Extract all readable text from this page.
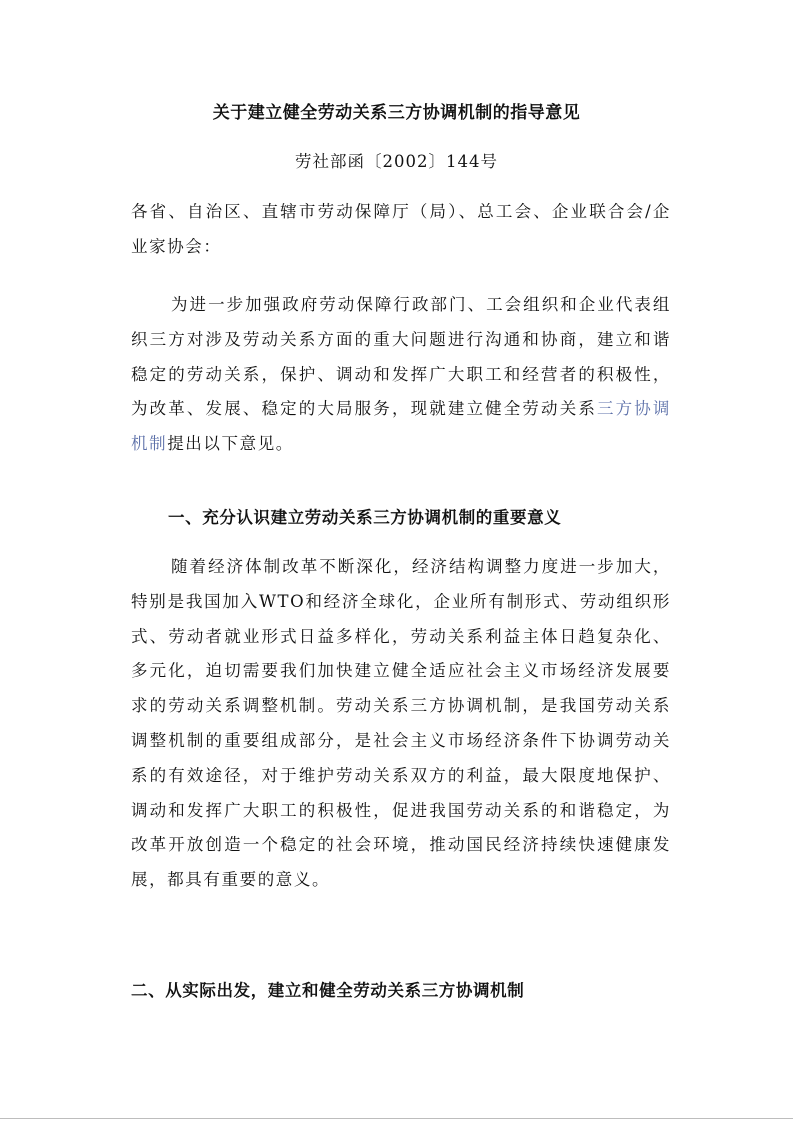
关于建立健全劳动关系三方协调机制的指导意见
劳社部函〔2002〕144号
各省、自治区、直辖市劳动保障厅（局）、总工会、企业联合会/企业家协会：
为进一步加强政府劳动保障行政部门、工会组织和企业代表组织三方对涉及劳动关系方面的重大问题进行沟通和协商，建立和谐稳定的劳动关系，保护、调动和发挥广大职工和经营者的积极性，为改革、发展、稳定的大局服务，现就建立健全劳动关系三方协调机制提出以下意见。
一、充分认识建立劳动关系三方协调机制的重要意义
随着经济体制改革不断深化，经济结构调整力度进一步加大，特别是我国加入WTO和经济全球化，企业所有制形式、劳动组织形式、劳动者就业形式日益多样化，劳动关系利益主体日趋复杂化、多元化，迫切需要我们加快建立健全适应社会主义市场经济发展要求的劳动关系调整机制。劳动关系三方协调机制，是我国劳动关系调整机制的重要组成部分，是社会主义市场经济条件下协调劳动关系的有效途径，对于维护劳动关系双方的利益，最大限度地保护、调动和发挥广大职工的积极性，促进我国劳动关系的和谐稳定，为改革开放创造一个稳定的社会环境，推动国民经济持续快速健康发展，都具有重要的意义。
二、从实际出发，建立和健全劳动关系三方协调机制
